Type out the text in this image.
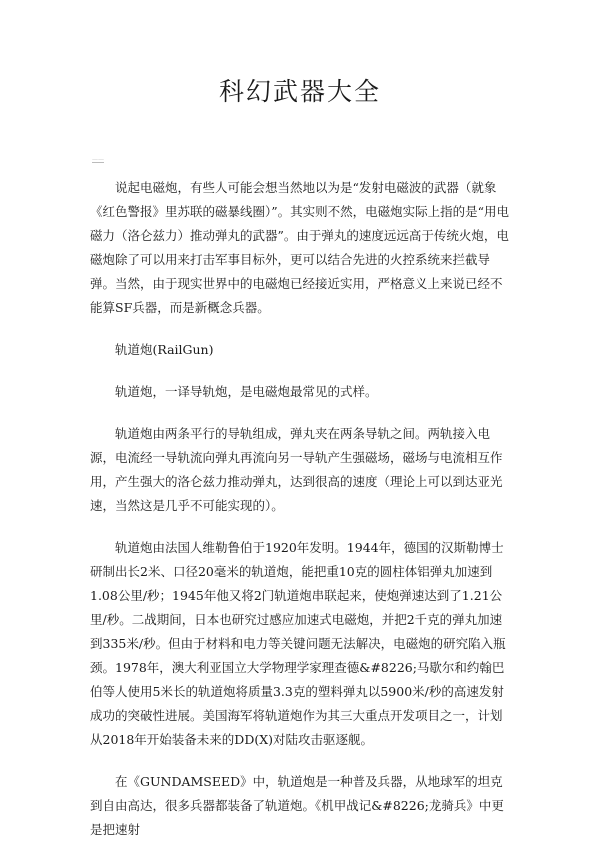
科幻武器大全
——

说起电磁炮，有些人可能会想当然地以为是“发射电磁波的武器（就象《红色警报》里苏联的磁暴线圈）”。其实则不然，电磁炮实际上指的是“用电磁力（洛仑兹力）推动弹丸的武器”。由于弹丸的速度远远高于传统火炮，电磁炮除了可以用来打击军事目标外，更可以结合先进的火控系统来拦截导弹。当然，由于现实世界中的电磁炮已经接近实用，严格意义上来说已经不能算SF兵器，而是新概念兵器。

轨道炮(RailGun)

轨道炮，一译导轨炮，是电磁炮最常见的式样。

轨道炮由两条平行的导轨组成，弹丸夹在两条导轨之间。两轨接入电源，电流经一导轨流向弹丸再流向另一导轨产生强磁场，磁场与电流相互作用，产生强大的洛仑兹力推动弹丸，达到很高的速度（理论上可以到达亚光速，当然这是几乎不可能实现的）。

轨道炮由法国人维勒鲁伯于1920年发明。1944年，德国的汉斯勒博士研制出长2米、口径20毫米的轨道炮，能把重10克的圆柱体铝弹丸加速到1.08公里/秒；1945年他又将2门轨道炮串联起来，使炮弹速达到了1.21公里/秒。二战期间，日本也研究过感应加速式电磁炮，并把2千克的弹丸加速到335米/秒。但由于材料和电力等关键问题无法解决，电磁炮的研究陷入瓶颈。1978年，澳大利亚国立大学物理学家理查德&#8226;马歇尔和约翰巴伯等人使用5米长的轨道炮将质量3.3克的塑料弹丸以5900米/秒的高速发射成功的突破性进展。美国海军将轨道炮作为其三大重点开发项目之一，计划从2018年开始装备未来的DD(X)对陆攻击驱逐舰。

在《GUNDAMSEED》中，轨道炮是一种普及兵器，从地球军的坦克到自由高达，很多兵器都装备了轨道炮。《机甲战记&#8226;龙骑兵》中更是把速射
